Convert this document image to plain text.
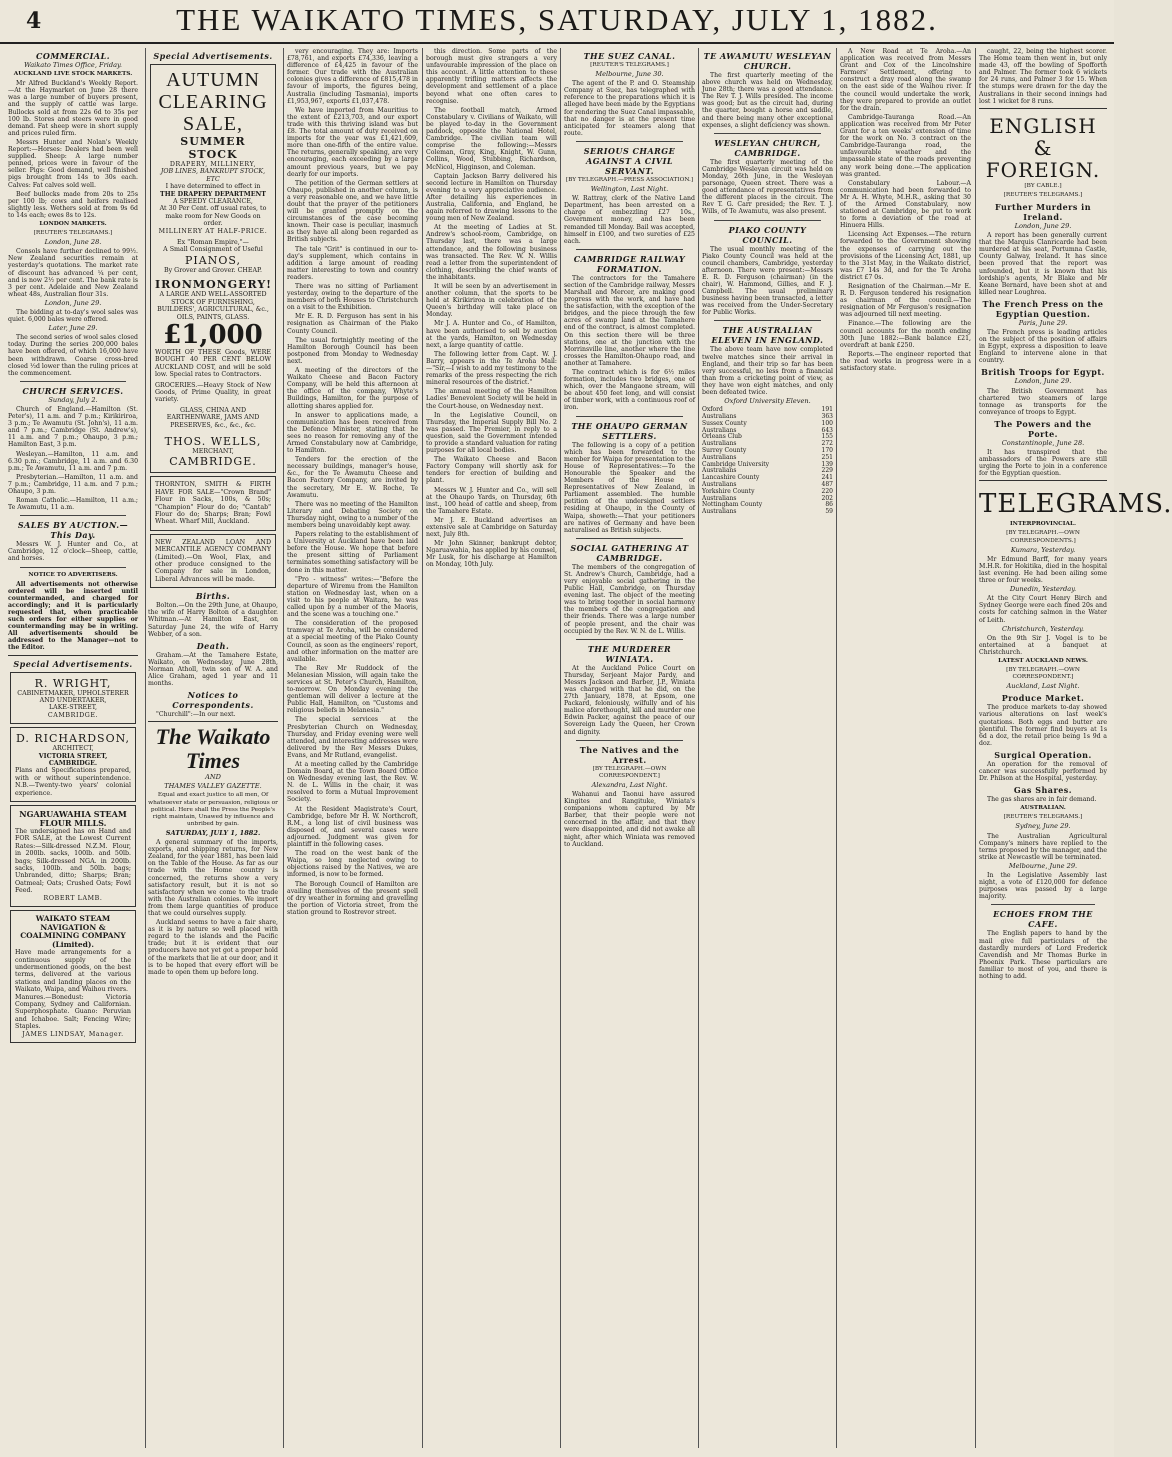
4	THE WAIKATO TIMES, SATURDAY, JULY 1, 1882.
COMMERCIAL.
Waikato Times Office, Friday.
AUCKLAND LIVE STOCK MARKETS.

Mr Alfred Buckland's Weekly Report.—At the Haymarket on June 28 there was a large number of buyers present, and the supply of cattle was large. Bullocks sold at from 22s 6d to 35s per 100 lb. Stores and steers were in good demand. Fat sheep were in short supply and prices ruled firm.

Messrs Hunter and Nolan's Weekly Report:—Horses: Dealers had been well supplied. Sheep: A large number penned, prices were in favour of the seller. Pigs: Good demand, well finished pigs brought from 14s to 30s each. Calves: Fat calves sold well.

Beef bullocks made from 20s to 25s per 100 lb; cows and heifers realised slightly less. Wethers sold at from 9s 6d to 14s each; ewes 8s to 12s.

LONDON MARKETS.
[REUTER'S TELEGRAMS.]
London, June 28.

Consols have further declined to 99½. New Zealand securities remain at yesterday's quotations. The market rate of discount has advanced ¼ per cent, and is now 2½ per cent. The bank rate is 3 per cent. Adelaide and New Zealand wheat 48s, Australian flour 31s.

London, June 29.

The bidding at to-day's wool sales was quiet. 6,000 bales were offered.

Later, June 29.

The second series of wool sales closed today. During the series 200,000 bales have been offered, of which 16,000 have been withdrawn. Coarse cross-bred closed ½d lower than the ruling prices at the commencement.

CHURCH SERVICES.
Sunday, July 2.

Church of England.—Hamilton (St. Peter's), 11 a.m. and 7 p.m.; Kirikiriroa, 3 p.m.; Te Awamutu (St. John's), 11 a.m. and 7 p.m.; Cambridge (St. Andrew's), 11 a.m. and 7 p.m.; Ohaupo, 3 p.m.; Hamilton East, 3 p.m.

Wesleyan.—Hamilton, 11 a.m. and 6.30 p.m.; Cambridge, 11 a.m. and 6.30 p.m.; Te Awamutu, 11 a.m. and 7 p.m.

Presbyterian.—Hamilton, 11 a.m. and 7 p.m.; Cambridge, 11 a.m. and 7 p.m.; Ohaupo, 3 p.m.

Roman Catholic.—Hamilton, 11 a.m.; Te Awamutu, 11 a.m.

SALES BY AUCTION.—This Day.

Messrs W. J. Hunter and Co., at Cambridge, 12 o'clock—Sheep, cattle, and horses.

NOTICE TO ADVERTISERS.

All advertisements not otherwise ordered will be inserted until countermanded, and charged for accordingly; and it is particularly requested that, when practicable such orders for either supplies or countermanding may be in writing. All advertisements should be addressed to the Manager—not to the Editor.

Special Advertisements.
R. WRIGHT,
CABINETMAKER, UPHOLSTERER AND UNDERTAKER,
LAKE-STREET,
CAMBRIDGE.
D. RICHARDSON,
ARCHITECT,
VICTORIA STREET, CAMBRIDGE.
Plans and Specifications prepared, with or without superintendence. N.B.—Twenty-two years' colonial experience.
NGARUAWAHIA STEAM FLOUR MILLS.
The undersigned has on Hand and FOR SALE, at the Lowest Current Rates:—Silk-dressed N.Z.M. Flour, in 200lb. sacks, 100lb. and 50lb. bags; Silk-dressed NGA. in 200lb. sacks, 100lb. and 50lb. bags; Unbranded, ditto; Sharps; Bran; Oatmeal; Oats; Crushed Oats; Fowl Feed.
ROBERT LAMB.
WAIKATO STEAM NAVIGATION & COALMINING COMPANY (Limited).
Have made arrangements for a continuous supply of the undermentioned goods, on the best terms, delivered at the various stations and landing places on the Waikato, Waipa, and Waihou rivers.
Manures.—Bonedust: Victoria Company, Sydney and Californian. Superphosphate. Guano: Peruvian and Ichaboe. Salt; Fencing Wire; Staples.
JAMES LINDSAY, Manager.
Special Advertisements.
AUTUMN CLEARING SALE,
SUMMER STOCK
DRAPERY, MILLINERY,
JOB LINES, BANKRUPT STOCK, ETC
I have determined to effect in
THE DRAPERY DEPARTMENT
A SPEEDY CLEARANCE,
At 30 Per Cent. off usual rates, to make room for New Goods on order.
MILLINERY AT HALF-PRICE.
Ex "Roman Empire,"—
A Small Consignment of Useful
PIANOS,
By Grover and Grover. CHEAP.
IRONMONGERY!
A LARGE AND WELL-ASSORTED STOCK OF FURNISHING, BUILDERS', AGRICULTURAL, &c., OILS, PAINTS, GLASS.
£1,000
WORTH OF THESE Goods, WERE BOUGHT 40 PER CENT BELOW AUCKLAND COST, and will be sold low. Special rates to Contractors.
GROCERIES.—Heavy Stock of New Goods, of Prime Quality, in great variety.
GLASS, CHINA AND EARTHENWARE, JAMS AND PRESERVES, &c., &c., &c.
THOS. WELLS,
MERCHANT,
CAMBRIDGE.
THORNTON, SMITH & FIRTH HAVE FOR SALE—"Crown Brand" Flour in Sacks, 100s, & 50s; "Champion" Flour do do; "Cantab" Flour do do; Sharps; Bran; Fowl Wheat. Wharf Mill, Auckland.
NEW ZEALAND LOAN AND MERCANTILE AGENCY COMPANY (Limited).—On Wool, Flax, and other produce consigned to the Company for sale in London, Liberal Advances will be made.
Births.

Bolton.—On the 29th June, at Ohaupo, the wife of Harry Bolton of a daughter. Whitman.—At Hamilton East, on Saturday June 24, the wife of Harry Webber, of a son.

Death.

Graham.—At the Tamahere Estate, Waikato, on Wednesday, June 28th, Norman Atholl, twin son of W. A. and Alice Graham, aged 1 year and 11 months.

Notices to Correspondents.

"Churchill":—In our next.

The Waikato Times
AND
THAMES VALLEY GAZETTE.
Equal and exact justice to all men, Of whatsoever state or persuasion, religious or political. Here shall the Press the People's right maintain, Unawed by influence and unbribed by gain.
SATURDAY, JULY 1, 1882.

A general summary of the imports, exports, and shipping returns, for New Zealand, for the year 1881, has been laid on the Table of the House. As far as our trade with the Home country is concerned, the returns show a very satisfactory result, but it is not so satisfactory when we come to the trade with the Australian colonies. We import from them large quantities of produce that we could ourselves supply.

Auckland seems to have a fair share, as it is by nature so well placed with regard to the islands and the Pacific trade; but it is evident that our producers have not yet got a proper hold of the markets that lie at our door, and it is to be hoped that every effort will be made to open them up before long.

very encouraging. They are: Imports £78,761, and exports £74,336, leaving a difference of £4,425 in favour of the former. Our trade with the Australian colonies gives a difference of £815,478 in favour of imports, the figures being, Australia (including Tasmania), imports £1,953,967, exports £1,037,478.

We have imported from Mauritius to the extent of £213,703, and our export trade with this thriving island was but £8. The total amount of duty received on imports for the year was £1,421,609, more than one-fifth of the entire value. The returns, generally speaking, are very encouraging, each exceeding by a large amount previous years, but we pay dearly for our imports.

The petition of the German settlers at Ohaupo, published in another column, is a very reasonable one, and we have little doubt that the prayer of the petitioners will be granted promptly on the circumstances of the case becoming known. Their case is peculiar, inasmuch as they have all along been regarded as British subjects.

The tale "Grit" is continued in our to-day's supplement, which contains in addition a large amount of reading matter interesting to town and country readers.

There was no sitting of Parliament yesterday, owing to the departure of the members of both Houses to Christchurch on a visit to the Exhibition.

Mr E. R. D. Ferguson has sent in his resignation as Chairman of the Piako County Council.

The usual fortnightly meeting of the Hamilton Borough Council has been postponed from Monday to Wednesday next.

A meeting of the directors of the Waikato Cheese and Bacon Factory Company, will be held this afternoon at the office of the company, Whyte's Buildings, Hamilton, for the purpose of allotting shares applied for.

In answer to applications made, a communication has been received from the Defence Minister, stating that he sees no reason for removing any of the Armed Constabulary now at Cambridge, to Hamilton.

Tenders for the erection of the necessary buildings, manager's house, &c., for the Te Awamutu Cheese and Bacon Factory Company, are invited by the secretary, Mr E. W. Roche, Te Awamutu.

There was no meeting of the Hamilton Literary and Debating Society on Thursday night, owing to a number of the members being unavoidably kept away.

Papers relating to the establishment of a University at Auckland have been laid before the House. We hope that before the present sitting of Parliament terminates something satisfactory will be done in this matter.

"Pro - witness" writes:—"Before the departure of Wiremu from the Hamilton station on Wednesday last, when on a visit to his people at Waitara, he was called upon by a number of the Maoris, and the scene was a touching one."

The consideration of the proposed tramway at Te Aroha, will be considered at a special meeting of the Piako County Council, as soon as the engineers' report, and other information on the matter are available.

The Rev Mr Ruddock of the Melanesian Mission, will again take the services at St. Peter's Church, Hamilton, to-morrow. On Monday evening the gentleman will deliver a lecture at the Public Hall, Hamilton, on "Customs and religious beliefs in Melanesia."

The special services at the Presbyterian Church on Wednesday, Thursday, and Friday evening were well attended, and interesting addresses were delivered by the Rev Messrs Dukes, Evans, and Mr Rutland, evangelist.

At a meeting called by the Cambridge Domain Board, at the Town Board Office on Wednesday evening last, the Rev. W. N. de L. Willis in the chair, it was resolved to form a Mutual Improvement Society.

At the Resident Magistrate's Court, Cambridge, before Mr H. W. Northcroft, R.M., a long list of civil business was disposed of, and several cases were adjourned. Judgment was given for plaintiff in the following cases.

The road on the west bank of the Waipa, so long neglected owing to objections raised by the Natives, we are informed, is now to be formed.

The Borough Council of Hamilton are availing themselves of the present spell of dry weather in forming and gravelling the portion of Victoria street, from the station ground to Rostrevor street.

this direction. Some parts of the borough must give strangers a very unfavourable impression of the place on this account. A little attention to these apparently trifling matters affects the development and settlement of a place beyond what one often cares to recognise.

The football match, Armed Constabulary v. Civilians of Waikato, will be played to-day in the Government paddock, opposite the National Hotel, Cambridge. The civilian team will comprise the following:—Messrs Coleman, Gray, King, Knight, W. Gunn, Collins, Wood, Stubbing, Richardson, McNicol, Higginson, and Coleman.

Captain Jackson Barry delivered his second lecture in Hamilton on Thursday evening to a very appreciative audience. After detailing his experiences in Australia, California, and England, he again referred to drawing lessons to the young men of New Zealand.

At the meeting of Ladies at St. Andrew's school-room, Cambridge, on Thursday last, there was a large attendance, and the following business was transacted. The Rev. W. N. Willis read a letter from the superintendent of clothing, describing the chief wants of the inhabitants.

It will be seen by an advertisement in another column, that the sports to be held at Kirikiriroa in celebration of the Queen's birthday will take place on Monday.

Mr J. A. Hunter and Co., of Hamilton, have been authorised to sell by auction at the yards, Hamilton, on Wednesday next, a large quantity of cattle.

The following letter from Capt. W. J. Barry, appears in the Te Aroha Mail:—"Sir,—I wish to add my testimony to the remarks of the press respecting the rich mineral resources of the district."

The annual meeting of the Hamilton Ladies' Benevolent Society will be held in the Court-house, on Wednesday next.

In the Legislative Council, on Thursday, the Imperial Supply Bill No. 2 was passed. The Premier, in reply to a question, said the Government intended to provide a standard valuation for rating purposes for all local bodies.

The Waikato Cheese and Bacon Factory Company will shortly ask for tenders for erection of building and plant.

Messrs W. J. Hunter and Co., will sell at the Ohaupo Yards, on Thursday, 6th inst., 100 head of cattle and sheep, from the Tamahere Estate.

Mr J. E. Buckland advertises an extensive sale at Cambridge on Saturday next, July 8th.

Mr John Skinner, bankrupt debtor, Ngaruawahia, has applied by his counsel, Mr Lusk, for his discharge at Hamilton on Monday, 10th July.

THE SUEZ CANAL.
[REUTER'S TELEGRAMS.]
Melbourne, June 30.

The agent of the P. and O. Steamship Company at Suez, has telegraphed with reference to the preparations which it is alleged have been made by the Egyptians for rendering the Suez Canal impassable, that no danger is at the present time anticipated for steamers along that route.

SERIOUS CHARGE AGAINST A CIVIL SERVANT.
[BY TELEGRAPH.—PRESS ASSOCIATION.]
Wellington, Last Night.

W. Rattray, clerk of the Native Land Department, has been arrested on a charge of embezzling £27 10s., Government money, and has been remanded till Monday. Bail was accepted, himself in £100, and two sureties of £25 each.

CAMBRIDGE RAILWAY FORMATION.

The contractors for the Tamahere section of the Cambridge railway, Messrs Marshall and Mercer, are making good progress with the work, and have had the satisfaction, with the exception of the bridges, and the piece through the few acres of swamp land at the Tamahere end of the contract, is almost completed. On this section there will be three stations, one at the junction with the Morrinsville line, another where the line crosses the Hamilton-Ohaupo road, and another at Tamahere.

The contract which is for 6½ miles formation, includes two bridges, one of which, over the Mangaone stream, will be about 450 feet long, and will consist of timber work, with a continuous roof of iron.

THE OHAUPO GERMAN SETTLERS.

The following is a copy of a petition which has been forwarded to the member for Waipa for presentation to the House of Representatives:—To the Honourable the Speaker and the Members of the House of Representatives of New Zealand, in Parliament assembled. The humble petition of the undersigned settlers residing at Ohaupo, in the County of Waipa, showeth:—That your petitioners are natives of Germany and have been naturalised as British subjects.

SOCIAL GATHERING AT CAMBRIDGE.

The members of the congregation of St. Andrew's Church, Cambridge, had a very enjoyable social gathering in the Public Hall, Cambridge, on Thursday evening last. The object of the meeting was to bring together in social harmony the members of the congregation and their friends. There was a large number of people present, and the chair was occupied by the Rev. W. N. de L. Willis.

THE MURDERER WINIATA.

At the Auckland Police Court on Thursday, Serjeant Major Pardy, and Messrs Jackson and Barber, J.P., Winiata was charged with that he did, on the 27th January, 1878, at Epsom, one Packard, feloniously, wilfully and of his malice aforethought, kill and murder one Edwin Packer, against the peace of our Sovereign Lady the Queen, her Crown and dignity.

The Natives and the Arrest.
[BY TELEGRAPH.—OWN CORRESPONDENT.]
Alexandra, Last Night.

Wahanui and Taonui have assured Kingites and Rangituke, Winiata's companions whom captured by Mr Barber, that their people were not concerned in the affair, and that they were disappointed, and did not awake all night, after which Winiata was removed to Auckland.

TE AWAMUTU WESLEYAN CHURCH.

The first quarterly meeting of the above church was held on Wednesday, June 28th; there was a good attendance. The Rev T. J. Wills presided. The income was good; but as the circuit had, during the quarter, bought a horse and saddle, and there being many other exceptional expenses, a slight deficiency was shown.

WESLEYAN CHURCH, CAMBRIDGE.

The first quarterly meeting of the Cambridge Wesleyan circuit was held on Monday, 26th June, in the Wesleyan parsonage, Queen street. There was a good attendance of representatives from the different places in the circuit. The Rev T. G. Carr presided; the Rev. T. J. Wills, of Te Awamutu, was also present.

PIAKO COUNTY COUNCIL.

The usual monthly meeting of the Piako County Council was held at the council chambers, Cambridge, yesterday afternoon. There were present:—Messrs E. R. D. Ferguson (chairman) (in the chair), W. Hammond, Gillies, and F. J. Campbell. The usual preliminary business having been transacted, a letter was received from the Under-Secretary for Public Works.

THE AUSTRALIAN ELEVEN IN ENGLAND.

The above team have now completed twelve matches since their arrival in England, and their trip so far has been very successful, no less from a financial than from a cricketing point of view, as they have won eight matches, and only been defeated twice.

Oxford University Eleven.
Oxford	191
Australians	363
Sussex County	100
Australians	643
Orleans Club	155
Australians	272
Surrey County	170
Australians	251
Cambridge University	139
Australians	229
Lancashire County	241
Australians	487
Yorkshire County	220
Australians	202
Nottingham County	86
Australians	59

A New Road at Te Aroha.—An application was received from Messrs Grant and Cox of the Lincolnshire Farmers' Settlement, offering to construct a dray road along the swamp on the east side of the Waihou river. If the council would undertake the work, they were prepared to provide an outlet for the drain.

Cambridge-Tauranga Road.—An application was received from Mr Peter Grant for a ten weeks' extension of time for the work on No. 3 contract on the Cambridge-Tauranga road, the unfavourable weather and the impassable state of the roads preventing any work being done.—The application was granted.

Constabulary Labour.—A communication had been forwarded to Mr A. H. Whyte, M.H.R., asking that 30 of the Armed Constabulary, now stationed at Cambridge, be put to work to form a deviation of the road at Hinuera Hills.

Licensing Act Expenses.—The return forwarded to the Government showing the expenses of carrying out the provisions of the Licensing Act, 1881, up to the 31st May, in the Waikato district, was £7 14s 3d, and for the Te Aroha district £7 0s.

Resignation of the Chairman.—Mr E. R. D. Ferguson tendered his resignation as chairman of the council.—The resignation of Mr Ferguson's resignation was adjourned till next meeting.

Finance.—The following are the council accounts for the month ending 30th June 1882:—Bank balance £21, overdraft at bank £250.

Reports.—The engineer reported that the road works in progress were in a satisfactory state.

caught, 22, being the highest scorer. The Home team then went in, but only made 43, off the bowling of Spofforth and Palmer. The former took 6 wickets for 24 runs, and Palmer 3 for 15. When the stumps were drawn for the day the Australians in their second innings had lost 1 wicket for 8 runs.

ENGLISH & FOREIGN.
[BY CABLE.]
[REUTER'S TELEGRAMS.]
Further Murders in Ireland.
London, June 29.

A report has been generally current that the Marquis Clanricarde had been murdered at his seat, Portumna Castle, County Galway, Ireland. It has since been proved that the report was unfounded, but it is known that his lordship's agents, Mr Blake and Mr Keane Bernard, have been shot at and killed near Loughrea.

The French Press on the Egyptian Question.
Paris, June 29.

The French press is leading articles on the subject of the position of affairs in Egypt, express a disposition to leave England to intervene alone in that country.

British Troops for Egypt.
London, June 29.

The British Government has chartered two steamers of large tonnage as transports for the conveyance of troops to Egypt.

The Powers and the Porte.
Constantinople, June 28.

It has transpired that the ambassadors of the Powers are still urging the Porte to join in a conference for the Egyptian question.

TELEGRAMS.
INTERPROVINCIAL.
[BY TELEGRAPH.—OWN CORRESPONDENTS.]
Kumara, Yesterday.

Mr Edmund Barff, for many years M.H.R. for Hokitika, died in the hospital last evening. He had been ailing some three or four weeks.

Dunedin, Yesterday.

At the City Court Henry Birch and Sydney George were each fined 20s and costs for catching salmon in the Water of Leith.

Christchurch, Yesterday.

On the 9th Sir J. Vogel is to be entertained at a banquet at Christchurch.

LATEST AUCKLAND NEWS.
[BY TELEGRAPH.—OWN CORRESPONDENT.]
Auckland, Last Night.
Produce Market.

The produce markets to-day showed various alterations on last week's quotations. Both eggs and butter are plentiful. The former find buyers at 1s 6d a doz, the retail price being 1s 9d a doz.

Surgical Operation.

An operation for the removal of cancer was successfully performed by Dr. Philson at the Hospital, yesterday.

Gas Shares.

The gas shares are in fair demand.

AUSTRALIAN.
[REUTER'S TELEGRAMS.]
Sydney, June 29.

The Australian Agricultural Company's miners have replied to the terms proposed by the manager, and the strike at Newcastle will be terminated.

Melbourne, June 29.

In the Legislative Assembly last night, a vote of £120,000 for defence purposes was passed by a large majority.

ECHOES FROM THE CAFE.

The English papers to hand by the mail give full particulars of the dastardly murders of Lord Frederick Cavendish and Mr Thomas Burke in Phoenix Park. These particulars are familiar to most of you, and there is nothing to add.
